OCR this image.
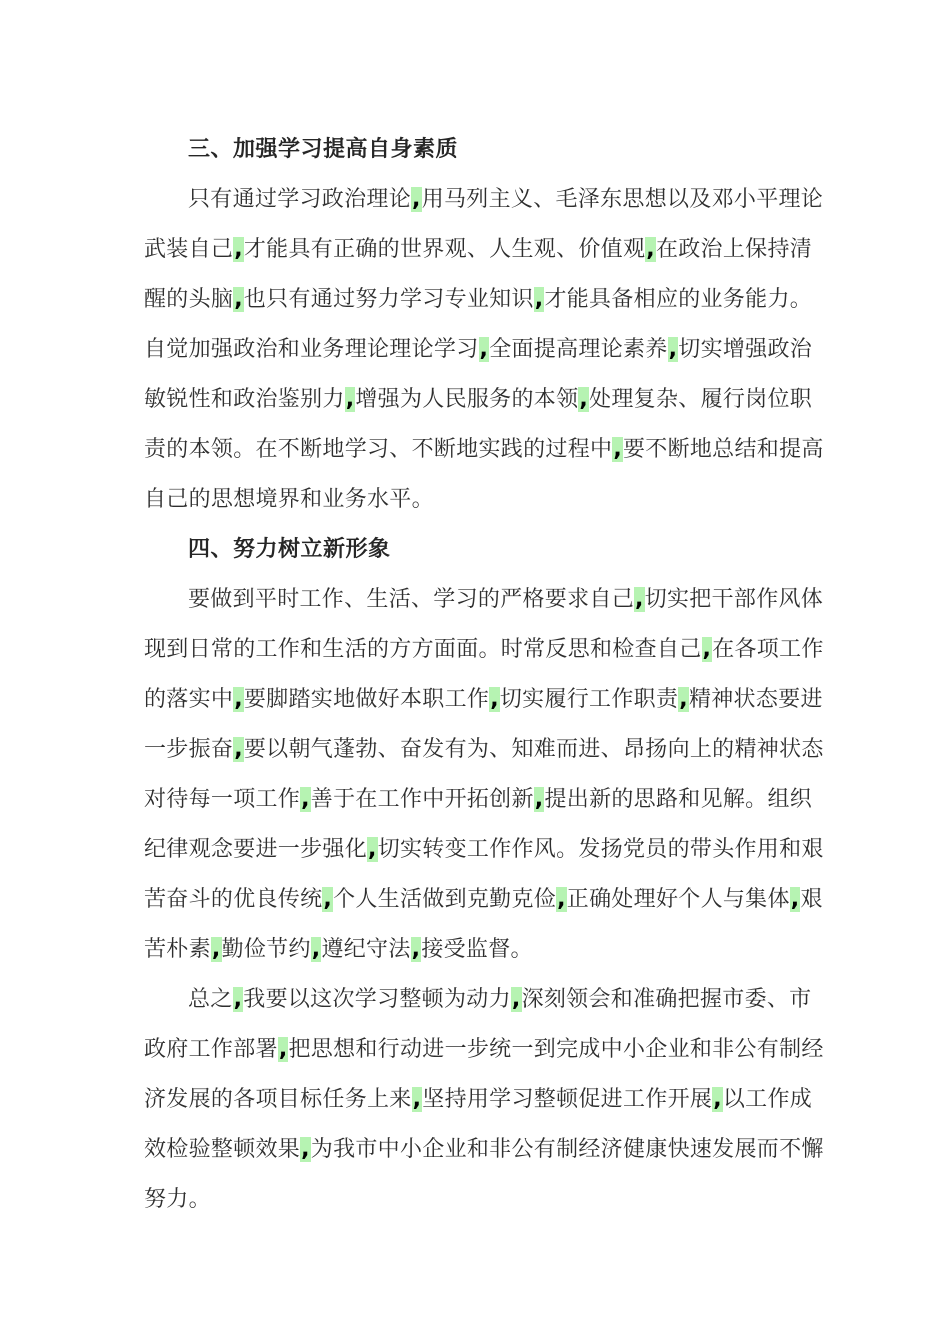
三、加强学习提高自身素质
只有通过学习政治理论,用马列主义、毛泽东思想以及邓小平理论武装自己,才能具有正确的世界观、人生观、价值观,在政治上保持清醒的头脑,也只有通过努力学习专业知识,才能具备相应的业务能力。自觉加强政治和业务理论理论学习,全面提高理论素养,切实增强政治敏锐性和政治鉴别力,增强为人民服务的本领,处理复杂、履行岗位职责的本领。在不断地学习、不断地实践的过程中,要不断地总结和提高自己的思想境界和业务水平。
四、努力树立新形象
要做到平时工作、生活、学习的严格要求自己,切实把干部作风体现到日常的工作和生活的方方面面。时常反思和检查自己,在各项工作的落实中,要脚踏实地做好本职工作,切实履行工作职责,精神状态要进一步振奋,要以朝气蓬勃、奋发有为、知难而进、昂扬向上的精神状态对待每一项工作,善于在工作中开拓创新,提出新的思路和见解。组织纪律观念要进一步强化,切实转变工作作风。发扬党员的带头作用和艰苦奋斗的优良传统,个人生活做到克勤克俭,正确处理好个人与集体,艰苦朴素,勤俭节约,遵纪守法,接受监督。
总之,我要以这次学习整顿为动力,深刻领会和准确把握市委、市政府工作部署,把思想和行动进一步统一到完成中小企业和非公有制经济发展的各项目标任务上来,坚持用学习整顿促进工作开展,以工作成效检验整顿效果,为我市中小企业和非公有制经济健康快速发展而不懈努力。
